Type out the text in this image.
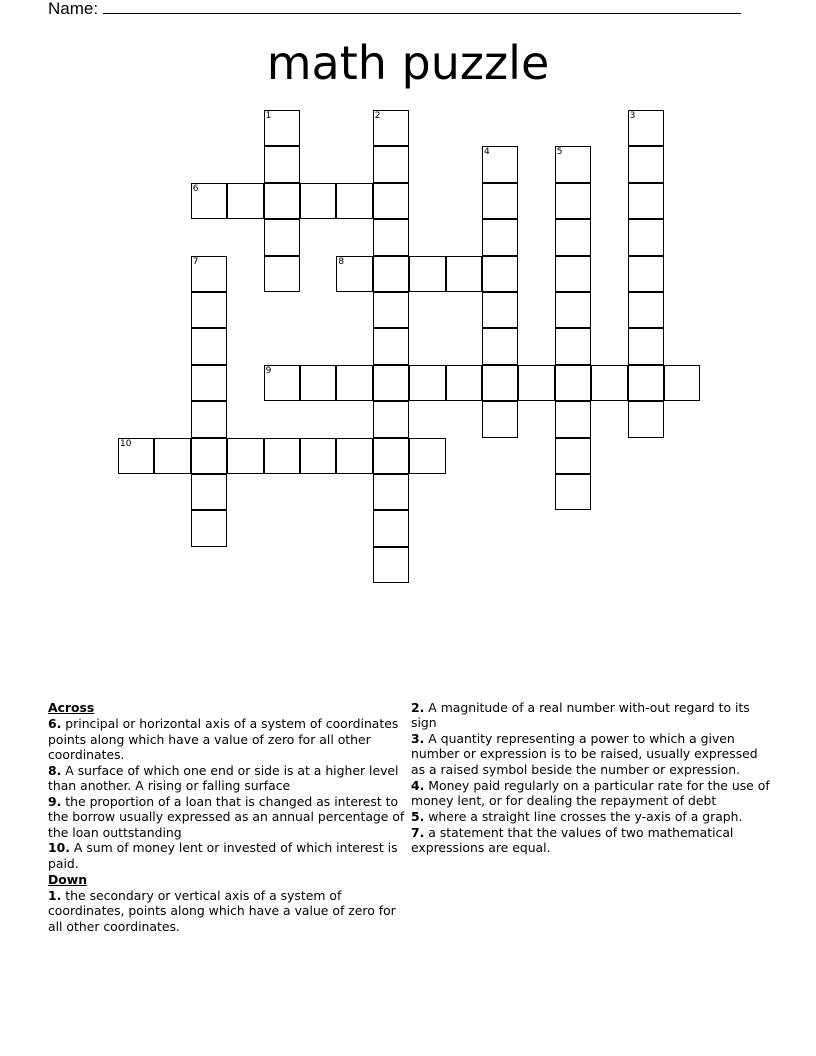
Name:
math puzzle
1	2	3
4	5
6
7	8
9
10
Across
6. principal or horizontal axis of a system of coordinates points along which have a value of zero for all other coordinates.
8. A surface of which one end or side is at a higher level than another. A rising or falling surface
9. the proportion of a loan that is changed as interest to the borrow usually expressed as an annual percentage of the loan outtstanding
10. A sum of money lent or invested of which interest is paid.
Down
1. the secondary or vertical axis of a system of coordinates, points along which have a value of zero for all other coordinates.
2. A magnitude of a real number with-out regard to its sign
3. A quantity representing a power to which a given number or expression is to be raised, usually expressed as a raised symbol beside the number or expression.
4. Money paid regularly on a particular rate for the use of money lent, or for dealing the repayment of debt
5. where a straight line crosses the y-axis of a graph.
7. a statement that the values of two mathematical expressions are equal.
